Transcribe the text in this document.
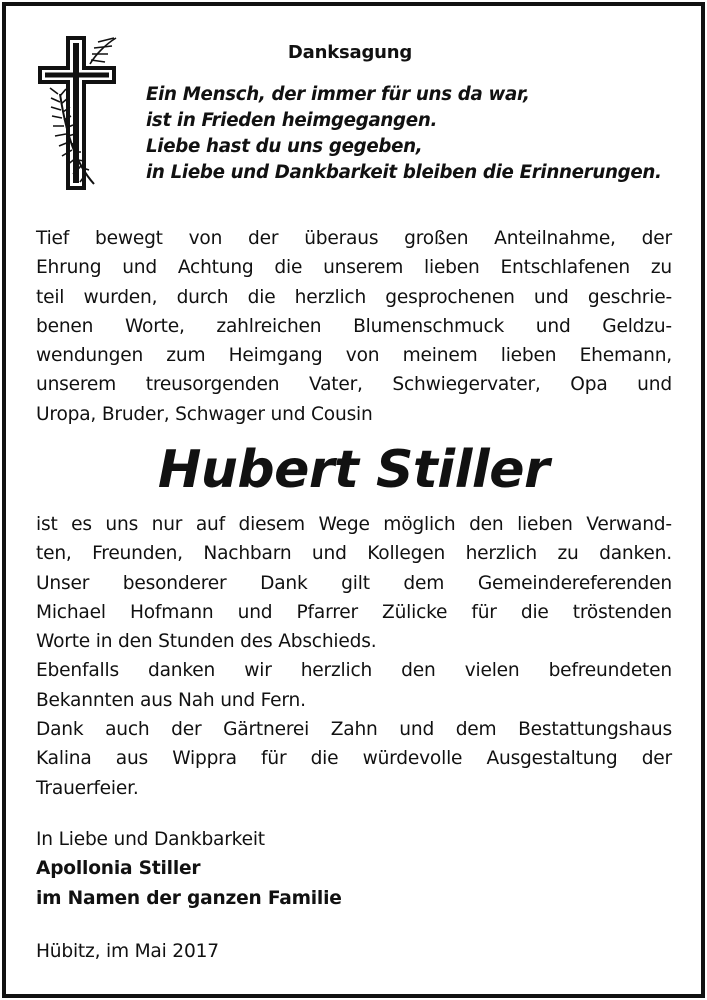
Danksagung
Ein Mensch, der immer für uns da war,
ist in Frieden heimgegangen.
Liebe hast du uns gegeben,
in Liebe und Dankbarkeit bleiben die Erinnerungen.
Tief bewegt von der überaus großen Anteilnahme, der
Ehrung und Achtung die unserem lieben Entschlafenen zu
teil wurden, durch die herzlich gesprochenen und geschrie-
benen Worte, zahlreichen Blumenschmuck und Geldzu-
wendungen zum Heimgang von meinem lieben Ehemann,
unserem treusorgenden Vater, Schwiegervater, Opa und
Uropa, Bruder, Schwager und Cousin
Hubert Stiller
ist es uns nur auf diesem Wege möglich den lieben Verwand-
ten, Freunden, Nachbarn und Kollegen herzlich zu danken.
Unser besonderer Dank gilt dem Gemeindereferenden
Michael Hofmann und Pfarrer Zülicke für die tröstenden
Worte in den Stunden des Abschieds.
Ebenfalls danken wir herzlich den vielen befreundeten
Bekannten aus Nah und Fern.
Dank auch der Gärtnerei Zahn und dem Bestattungshaus
Kalina aus Wippra für die würdevolle Ausgestaltung der
Trauerfeier.
In Liebe und Dankbarkeit
Apollonia Stiller
im Namen der ganzen Familie
Hübitz, im Mai 2017
